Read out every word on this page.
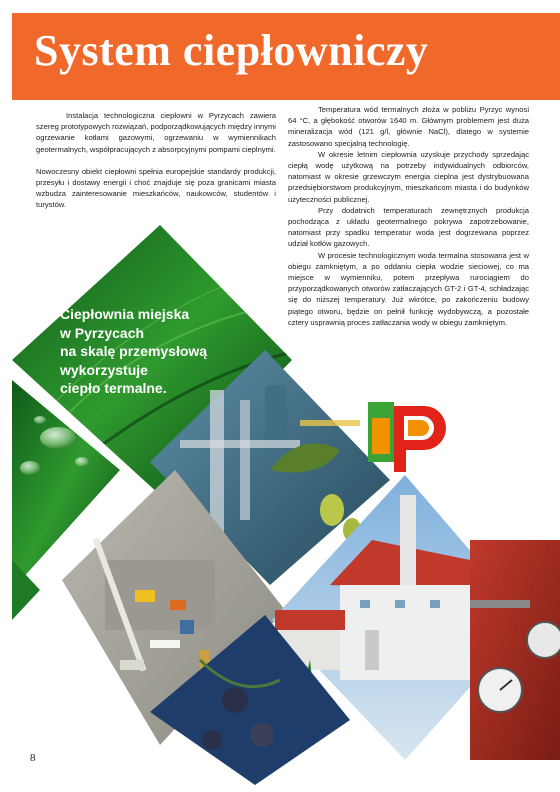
System ciepłowniczy

Instalacja technologiczna ciepłowni w Pyrzycach zawiera szereg prototypowych rozwiązań, podporządkowujących między innymi ogrzewanie kotłami gazowymi, ogrzewaniu w wymiennikach geotermalnych, współpracujących z absorpcyjnymi pompami cieplnymi.

Nowoczesny obiekt ciepłowni spełnia europejskie standardy produkcji, przesyłu i dostawy energii i choć znajduje się poza granicami miasta wzbudza zainteresowanie mieszkańców, naukowców, studentów i turystów.

Temperatura wód termalnych złoża w pobliżu Pyrzyc wynosi 64 °C, a głębokość otworów 1640 m. Głównym problemem jest duża mineralizacja wód (121 g/l, głównie NaCl), dlatego w systemie zastosowano specjalną technologię.

W okresie letnim ciepłownia uzyskuje przychody sprzedając ciepłą wodę użytkową na potrzeby indywidualnych odbiorców, natomiast w okresie grzewczym energia cieplna jest dystrybuowana przedsiębiorstwom produkcyjnym, mieszkańcom miasta i do budynków użyteczności publicznej.

Przy dodatnich temperaturach zewnętrznych produkcja pochodząca z układu geotermalnego pokrywa zapotrzebowanie, natomiast przy spadku temperatur woda jest dogrzewana poprzez udział kotłów gazowych.

W procesie technologicznym woda termalna stosowana jest w obiegu zamkniętym, a po oddaniu ciepła wodzie sieciowej, co ma miejsce w wymienniku, potem przepływa rurociągiem do przyporządkowanych otworów zatłaczających GT-2 i GT-4, schładzając się do niższej temperatury. Już wkrótce, po zakończeniu budowy piątego otworu, będzie on pełnił funkcję wydobywczą, a pozostałe cztery usprawnią proces zatłaczania wody w obiegu zamkniętym.

Ciepłownia miejska
w Pyrzycach
na skalę przemysłową
wykorzystuje
ciepło termalne.
8
